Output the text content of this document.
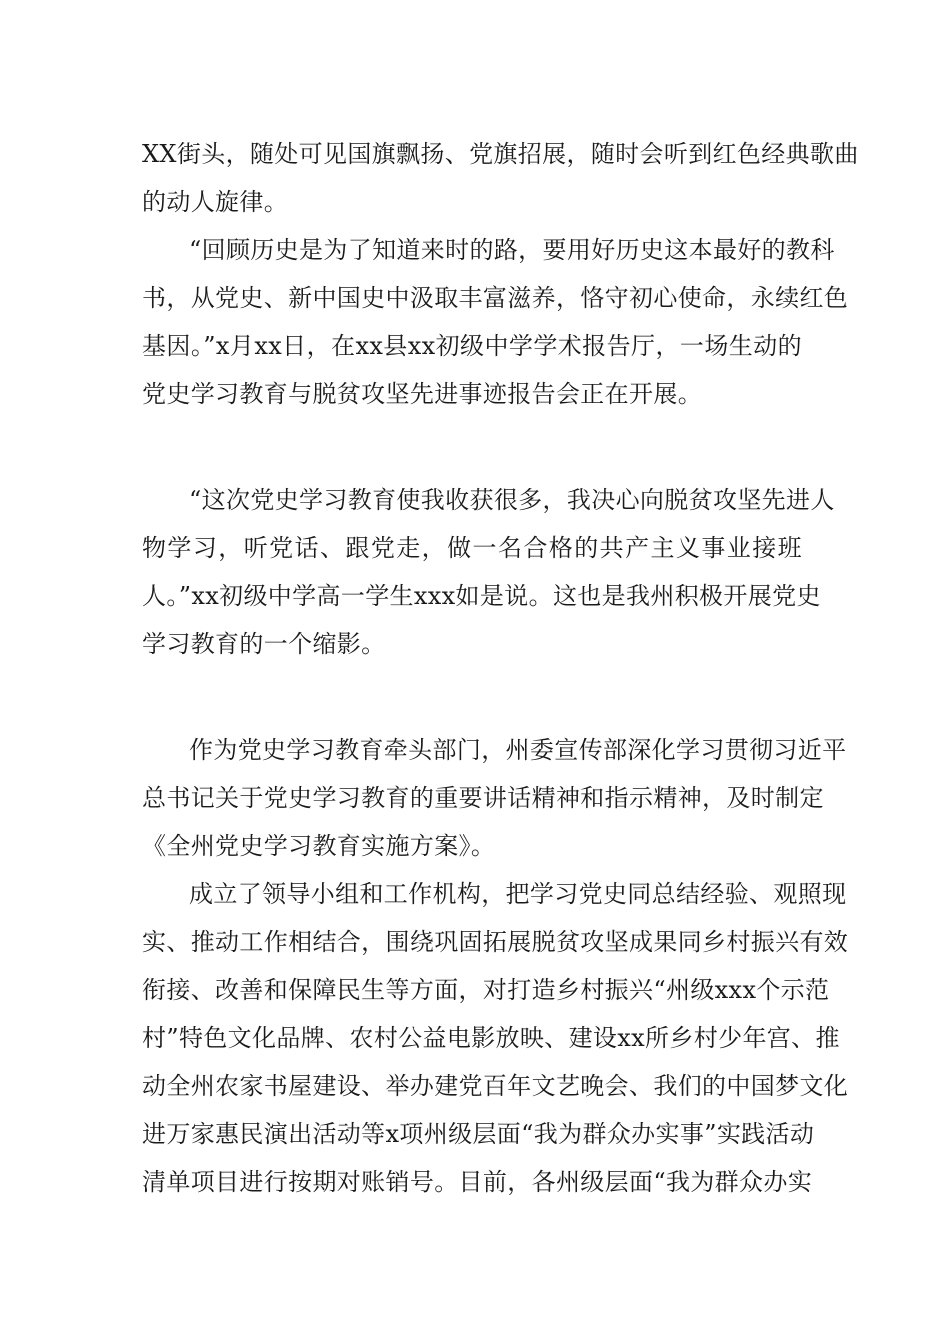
XX街头，随处可见国旗飘扬、党旗招展，随时会听到红色经典歌曲

的动人旋律。

“回顾历史是为了知道来时的路，要用好历史这本最好的教科

书，从党史、新中国史中汲取丰富滋养，恪守初心使命，永续红色

基因。”x月xx日，在xx县xx初级中学学术报告厅，一场生动的

党史学习教育与脱贫攻坚先进事迹报告会正在开展。

“这次党史学习教育使我收获很多，我决心向脱贫攻坚先进人

物学习，听党话、跟党走，做一名合格的共产主义事业接班

人。”xx初级中学高一学生xxx如是说。这也是我州积极开展党史

学习教育的一个缩影。

作为党史学习教育牵头部门，州委宣传部深化学习贯彻习近平

总书记关于党史学习教育的重要讲话精神和指示精神，及时制定

《全州党史学习教育实施方案》。

成立了领导小组和工作机构，把学习党史同总结经验、观照现

实、推动工作相结合，围绕巩固拓展脱贫攻坚成果同乡村振兴有效

衔接、改善和保障民生等方面，对打造乡村振兴“州级xxx个示范

村”特色文化品牌、农村公益电影放映、建设xx所乡村少年宫、推

动全州农家书屋建设、举办建党百年文艺晚会、我们的中国梦文化

进万家惠民演出活动等x项州级层面“我为群众办实事”实践活动

清单项目进行按期对账销号。目前，各州级层面“我为群众办实
